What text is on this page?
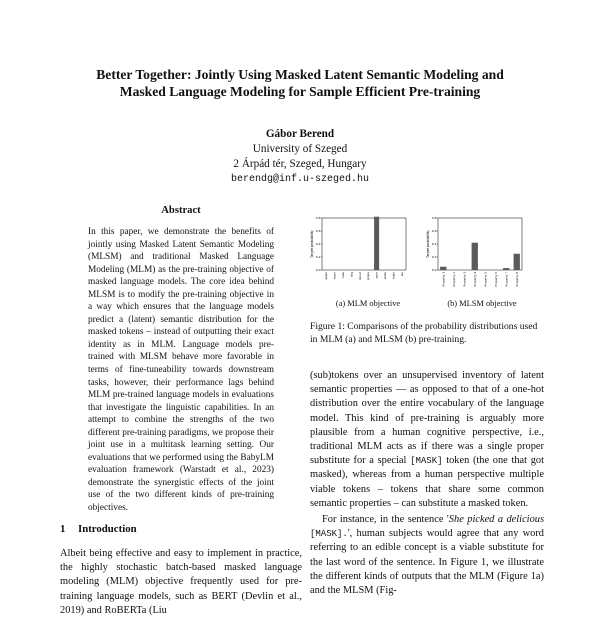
Better Together: Jointly Using Masked Latent Semantic Modeling and
Masked Language Modeling for Sample Efficient Pre-training
Gábor Berend
University of Szeged
2 Árpád tér, Szeged, Hungary
berendg@inf.u-szeged.hu
Abstract
In this paper, we demonstrate the benefits of jointly using Masked Latent Semantic Modeling (MLSM) and traditional Masked Language Modeling (MLM) as the pre-training objective of masked language models. The core idea behind MLSM is to modify the pre-training objective in a way which ensures that the language models predict a (latent) semantic distribution for the masked tokens – instead of outputting their exact identity as in MLM. Language models pre-trained with MLSM behave more favorable in terms of fine-tuneability towards downstream tasks, however, their performance lags behind MLM pre-trained language models in evaluations that investigate the linguistic capabilities. In an attempt to combine the strengths of the two different pre-training paradigms, we propose their joint use in a multitask learning setting. Our evaluations that we performed using the BabyLM evaluation framework (Warstadt et al., 2023) demonstrate the synergistic effects of the joint use of the two different kinds of pre-training objectives.
1 Introduction
Albeit being effective and easy to implement in practice, the highly stochastic batch-based masked language modeling (MLM) objective frequently used for pre-training language models, such as BERT (Devlin et al., 2019) and RoBERTa (Liu
Target probability
0.8
0.6
0.4
0.2
0.0
apple bean cake dog donut grape pear pizza table pie
Target probability
0.8
0.6
0.4
0.2
0.0
Property 1 Property 2 Property 3 Property 4 Property 5 Property 6 Property 7 Property 8
(a) MLM objective	(b) MLSM objective
Figure 1: Comparisons of the probability distributions used in MLM (a) and MLSM (b) pre-training.

(sub)tokens over an unsupervised inventory of latent semantic properties — as opposed to that of a one-hot distribution over the entire vocabulary of the language model. This kind of pre-training is arguably more plausible from a human cognitive perspective, i.e., traditional MLM acts as if there was a single proper substitute for a special [MASK] token (the one that got masked), whereas from a human perspective multiple viable tokens – tokens that share some common semantic properties – can substitute a masked token.

For instance, in the sentence 'She picked a delicious [MASK].', human subjects would agree that any word referring to an edible concept is a viable substitute for the last word of the sentence. In Figure 1, we illustrate the different kinds of outputs that the MLM (Figure 1a) and the MLSM (Fig-
